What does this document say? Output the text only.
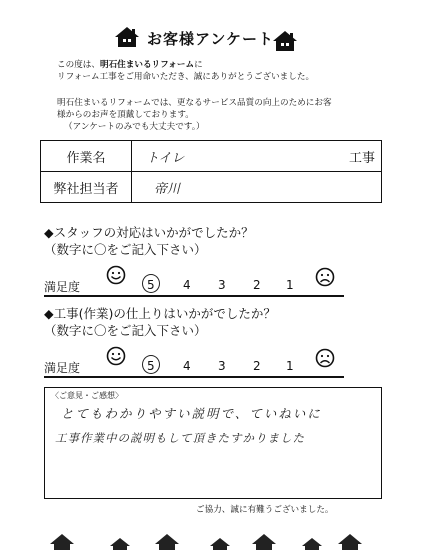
お客様アンケート
この度は、明石住まいるリフォームに
リフォーム工事をご用命いただき、誠にありがとうございました。
明石住まいるリフォームでは、更なるサービス品質の向上のためにお客
様からのお声を頂戴しております。
（アンケートのみでも大丈夫です。）
作業名	トイレ 工事

弊社担当者	帝川
◆スタッフの対応はいかがでしたか？
（数字に〇をご記入下さい）
満足度	5 4 3 2 1
◆工事(作業)の仕上りはいかがでしたか？
（数字に〇をご記入下さい）
満足度	5 4 3 2 1
〈ご意見・ご感想〉
とてもわかりやすい説明で、ていねいに
工事作業中の説明もして頂きたすかりました
ご協力、誠に有難うございました。
